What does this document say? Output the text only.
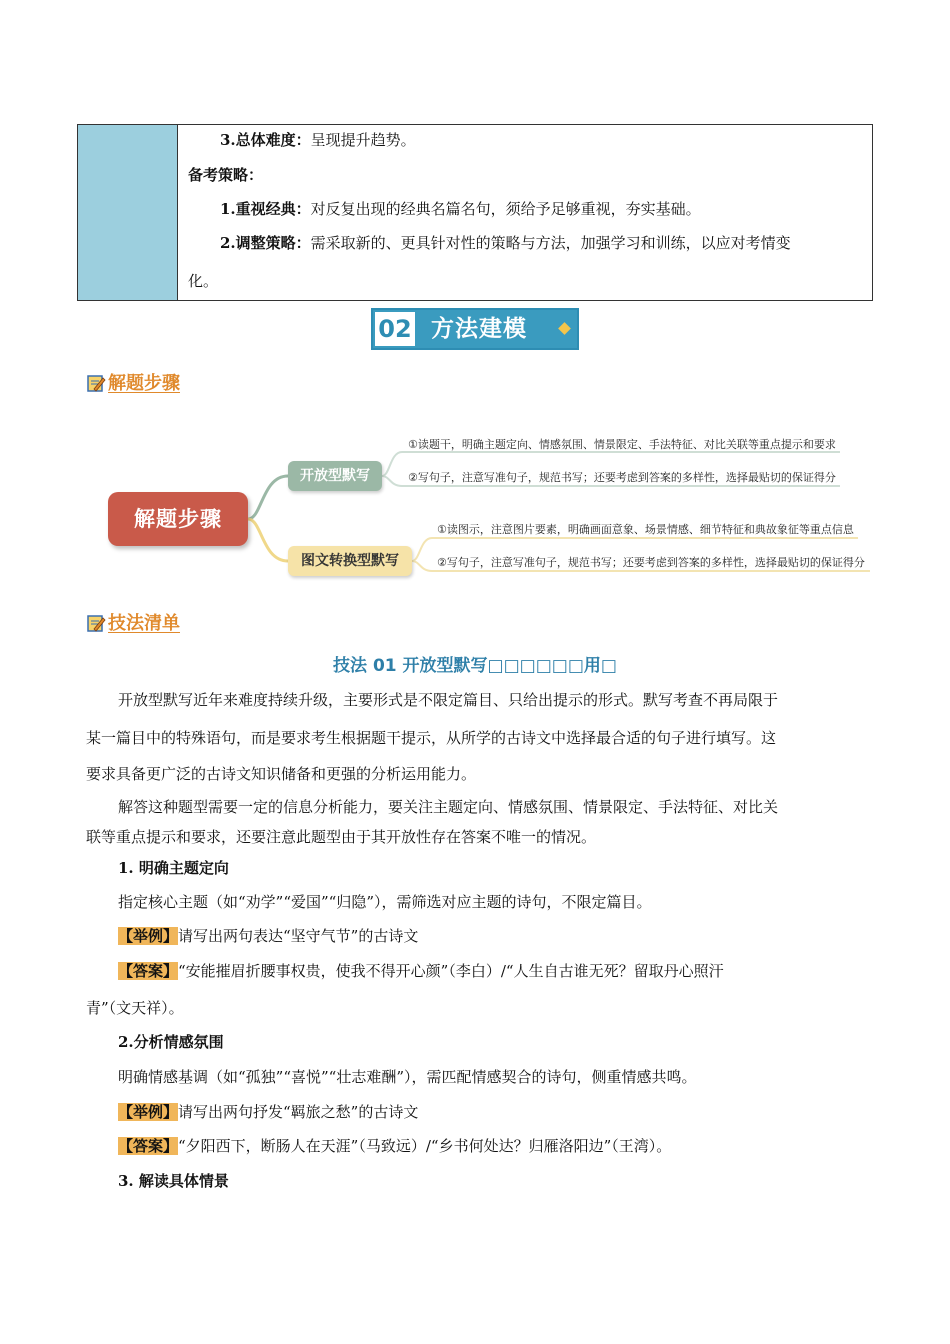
3.总体难度：呈现提升趋势。
备考策略：
1.重视经典：对反复出现的经典名篇名句，须给予足够重视，夯实基础。
2.调整策略：需采取新的、更具针对性的策略与方法，加强学习和训练，以应对考情变
化。
02 方法建模
解题步骤
解题步骤
开放型默写
图文转换型默写
①读题干，明确主题定向、情感氛围、情景限定、手法特征、对比关联等重点提示和要求
②写句子，注意写准句子，规范书写；还要考虑到答案的多样性，选择最贴切的保证得分
①读图示，注意图片要素，明确画面意象、场景情感、细节特征和典故象征等重点信息
②写句子，注意写准句子，规范书写；还要考虑到答案的多样性，选择最贴切的保证得分
技法清单
技法 01 开放型默写□□□□□□用□
开放型默写近年来难度持续升级，主要形式是不限定篇目、只给出提示的形式。默写考查不再局限于
某一篇目中的特殊语句，而是要求考生根据题干提示，从所学的古诗文中选择最合适的句子进行填写。这
要求具备更广泛的古诗文知识储备和更强的分析运用能力。
解答这种题型需要一定的信息分析能力，要关注主题定向、情感氛围、情景限定、手法特征、对比关
联等重点提示和要求，还要注意此题型由于其开放性存在答案不唯一的情况。
1. 明确主题定向
指定核心主题（如“劝学”“爱国”“归隐”），需筛选对应主题的诗句，不限定篇目。
【举例】请写出两句表达“坚守气节”的古诗文
【答案】“安能摧眉折腰事权贵，使我不得开心颜”（李白）/“人生自古谁无死？留取丹心照汗
青”（文天祥）。
2.分析情感氛围
明确情感基调（如“孤独”“喜悦”“壮志难酬”），需匹配情感契合的诗句，侧重情感共鸣。
【举例】请写出两句抒发“羁旅之愁”的古诗文
【答案】“夕阳西下，断肠人在天涯”（马致远）/“乡书何处达？归雁洛阳边”（王湾）。
3. 解读具体情景
